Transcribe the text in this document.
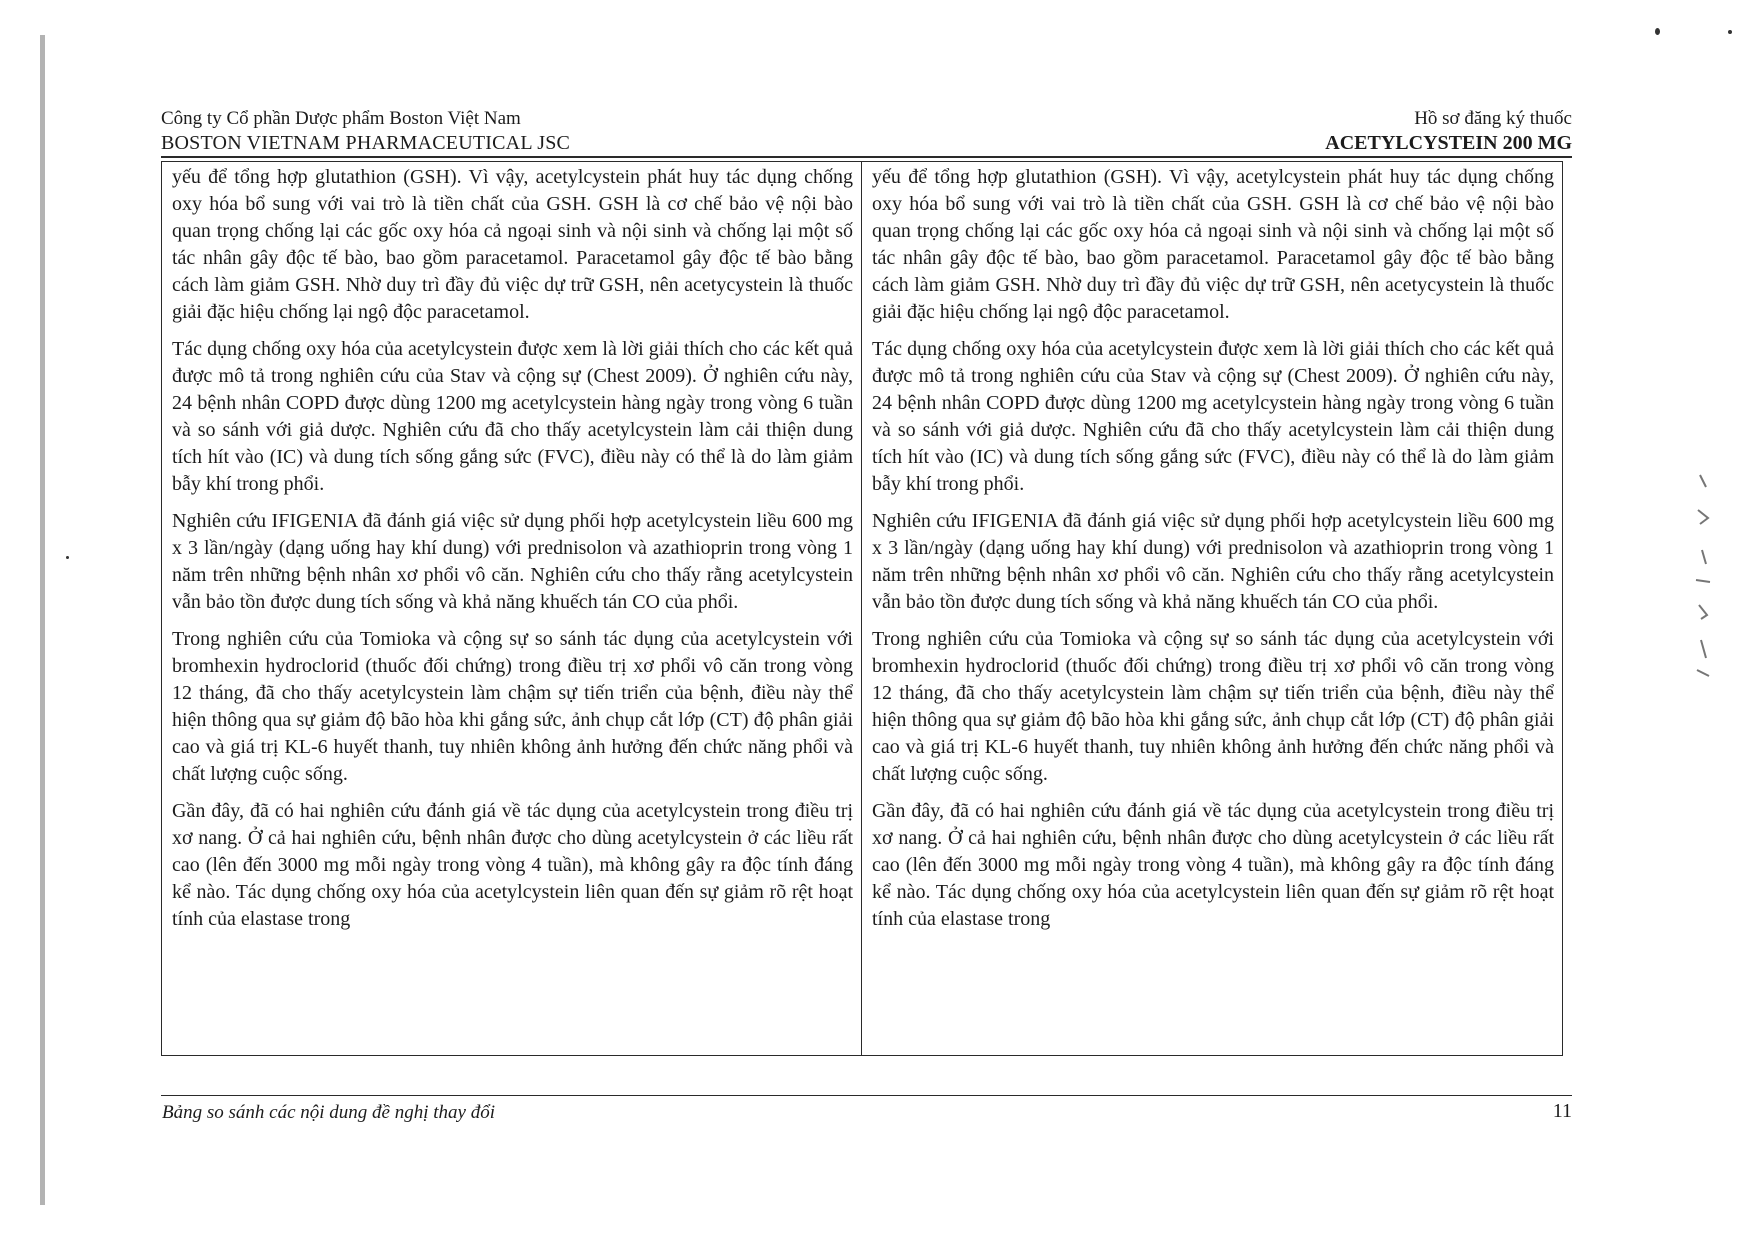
Công ty Cổ phần Dược phẩm Boston Việt Nam
BOSTON VIETNAM PHARMACEUTICAL JSC
Hồ sơ đăng ký thuốc
ACETYLCYSTEIN 200 MG

yếu để tổng hợp glutathion (GSH). Vì vậy, acetylcystein phát huy tác dụng chống oxy hóa bổ sung với vai trò là tiền chất của GSH. GSH là cơ chế bảo vệ nội bào quan trọng chống lại các gốc oxy hóa cả ngoại sinh và nội sinh và chống lại một số tác nhân gây độc tế bào, bao gồm paracetamol. Paracetamol gây độc tế bào bằng cách làm giảm GSH. Nhờ duy trì đầy đủ việc dự trữ GSH, nên acetycystein là thuốc giải đặc hiệu chống lại ngộ độc paracetamol.

Tác dụng chống oxy hóa của acetylcystein được xem là lời giải thích cho các kết quả được mô tả trong nghiên cứu của Stav và cộng sự (Chest 2009). Ở nghiên cứu này, 24 bệnh nhân COPD được dùng 1200 mg acetylcystein hàng ngày trong vòng 6 tuần và so sánh với giả dược. Nghiên cứu đã cho thấy acetylcystein làm cải thiện dung tích hít vào (IC) và dung tích sống gắng sức (FVC), điều này có thể là do làm giảm bẫy khí trong phổi.

Nghiên cứu IFIGENIA đã đánh giá việc sử dụng phối hợp acetylcystein liều 600 mg x 3 lần/ngày (dạng uống hay khí dung) với prednisolon và azathioprin trong vòng 1 năm trên những bệnh nhân xơ phổi vô căn. Nghiên cứu cho thấy rằng acetylcystein vẫn bảo tồn được dung tích sống và khả năng khuếch tán CO của phổi.

Trong nghiên cứu của Tomioka và cộng sự so sánh tác dụng của acetylcystein với bromhexin hydroclorid (thuốc đối chứng) trong điều trị xơ phổi vô căn trong vòng 12 tháng, đã cho thấy acetylcystein làm chậm sự tiến triển của bệnh, điều này thể hiện thông qua sự giảm độ bão hòa khi gắng sức, ảnh chụp cắt lớp (CT) độ phân giải cao và giá trị KL-6 huyết thanh, tuy nhiên không ảnh hưởng đến chức năng phổi và chất lượng cuộc sống.

Gần đây, đã có hai nghiên cứu đánh giá về tác dụng của acetylcystein trong điều trị xơ nang. Ở cả hai nghiên cứu, bệnh nhân được cho dùng acetylcystein ở các liều rất cao (lên đến 3000 mg mỗi ngày trong vòng 4 tuần), mà không gây ra độc tính đáng kể nào. Tác dụng chống oxy hóa của acetylcystein liên quan đến sự giảm rõ rệt hoạt tính của elastase trong

yếu để tổng hợp glutathion (GSH). Vì vậy, acetylcystein phát huy tác dụng chống oxy hóa bổ sung với vai trò là tiền chất của GSH. GSH là cơ chế bảo vệ nội bào quan trọng chống lại các gốc oxy hóa cả ngoại sinh và nội sinh và chống lại một số tác nhân gây độc tế bào, bao gồm paracetamol. Paracetamol gây độc tế bào bằng cách làm giảm GSH. Nhờ duy trì đầy đủ việc dự trữ GSH, nên acetycystein là thuốc giải đặc hiệu chống lại ngộ độc paracetamol.

Tác dụng chống oxy hóa của acetylcystein được xem là lời giải thích cho các kết quả được mô tả trong nghiên cứu của Stav và cộng sự (Chest 2009). Ở nghiên cứu này, 24 bệnh nhân COPD được dùng 1200 mg acetylcystein hàng ngày trong vòng 6 tuần và so sánh với giả dược. Nghiên cứu đã cho thấy acetylcystein làm cải thiện dung tích hít vào (IC) và dung tích sống gắng sức (FVC), điều này có thể là do làm giảm bẫy khí trong phổi.

Nghiên cứu IFIGENIA đã đánh giá việc sử dụng phối hợp acetylcystein liều 600 mg x 3 lần/ngày (dạng uống hay khí dung) với prednisolon và azathioprin trong vòng 1 năm trên những bệnh nhân xơ phổi vô căn. Nghiên cứu cho thấy rằng acetylcystein vẫn bảo tồn được dung tích sống và khả năng khuếch tán CO của phổi.

Trong nghiên cứu của Tomioka và cộng sự so sánh tác dụng của acetylcystein với bromhexin hydroclorid (thuốc đối chứng) trong điều trị xơ phổi vô căn trong vòng 12 tháng, đã cho thấy acetylcystein làm chậm sự tiến triển của bệnh, điều này thể hiện thông qua sự giảm độ bão hòa khi gắng sức, ảnh chụp cắt lớp (CT) độ phân giải cao và giá trị KL-6 huyết thanh, tuy nhiên không ảnh hưởng đến chức năng phổi và chất lượng cuộc sống.

Gần đây, đã có hai nghiên cứu đánh giá về tác dụng của acetylcystein trong điều trị xơ nang. Ở cả hai nghiên cứu, bệnh nhân được cho dùng acetylcystein ở các liều rất cao (lên đến 3000 mg mỗi ngày trong vòng 4 tuần), mà không gây ra độc tính đáng kể nào. Tác dụng chống oxy hóa của acetylcystein liên quan đến sự giảm rõ rệt hoạt tính của elastase trong

Bảng so sánh các nội dung đề nghị thay đổi	11
